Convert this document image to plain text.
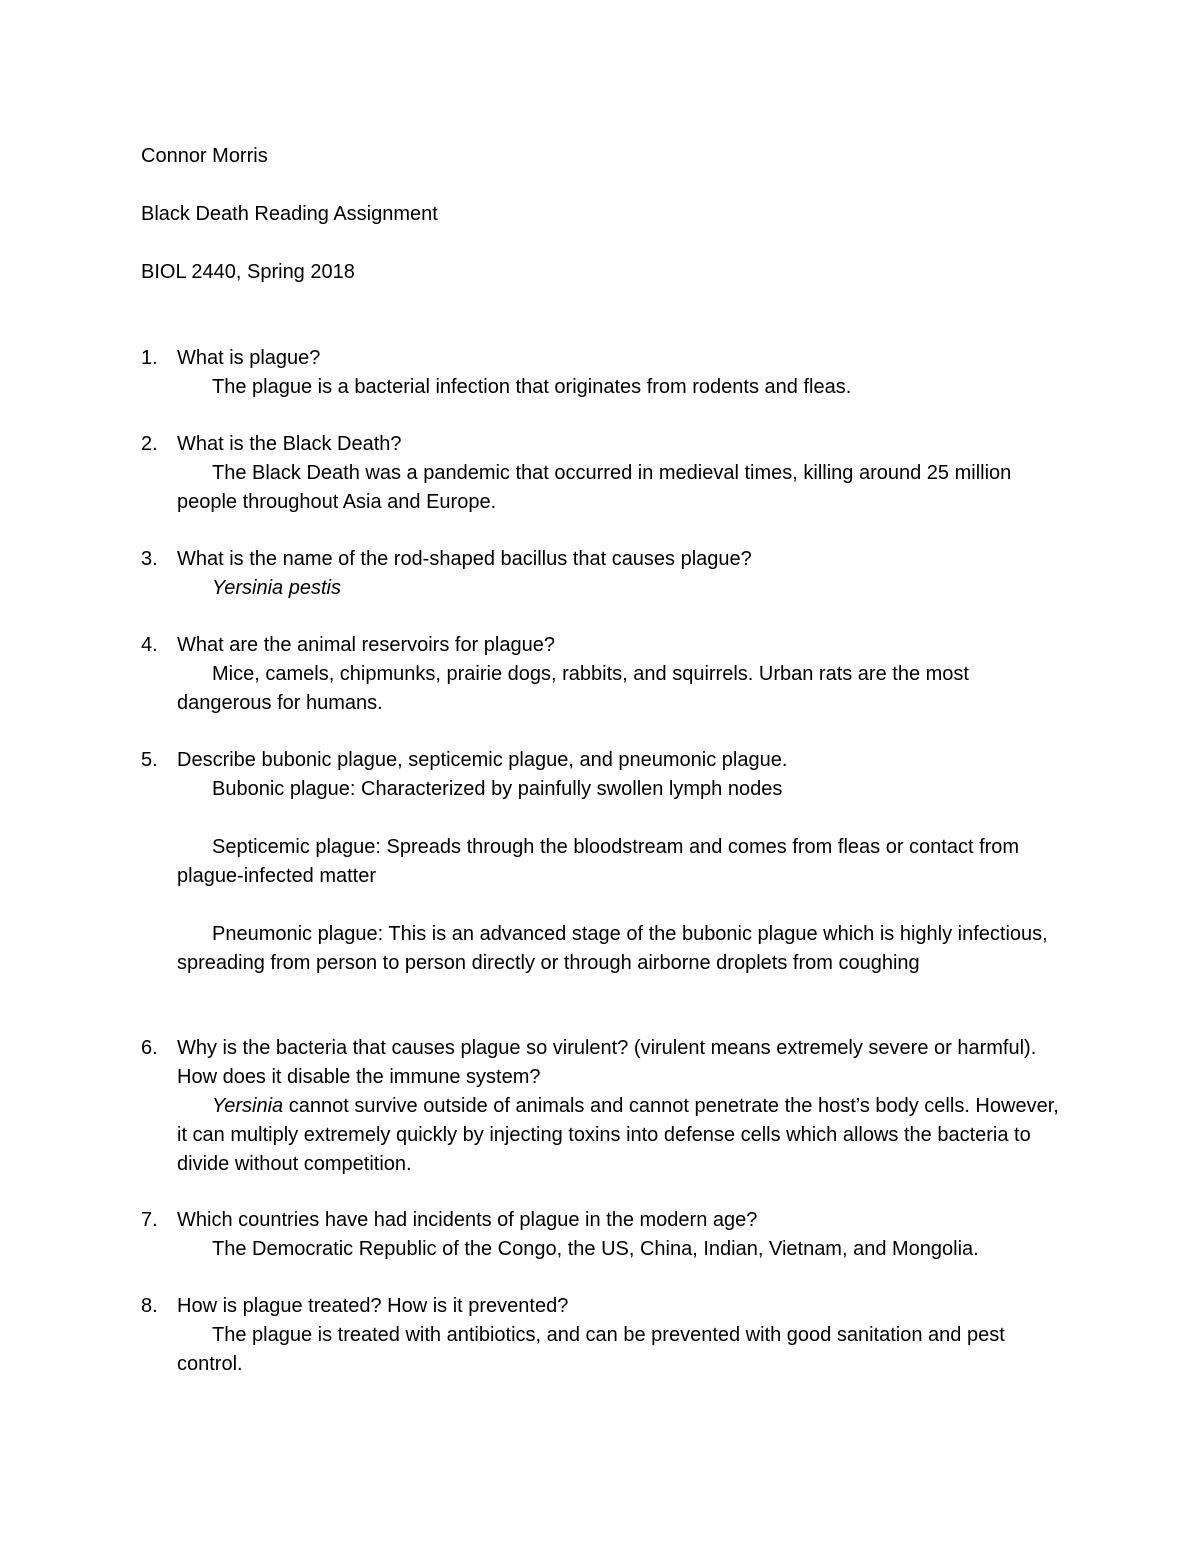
Connor Morris
Black Death Reading Assignment
BIOL 2440, Spring 2018
1. What is plague?
The plague is a bacterial infection that originates from rodents and fleas.
2. What is the Black Death?
The Black Death was a pandemic that occurred in medieval times, killing around 25 million people throughout Asia and Europe.
3. What is the name of the rod-shaped bacillus that causes plague?
Yersinia pestis
4. What are the animal reservoirs for plague?
Mice, camels, chipmunks, prairie dogs, rabbits, and squirrels. Urban rats are the most dangerous for humans.
5. Describe bubonic plague, septicemic plague, and pneumonic plague.
Bubonic plague: Characterized by painfully swollen lymph nodes
Septicemic plague: Spreads through the bloodstream and comes from fleas or contact from plague-infected matter
Pneumonic plague: This is an advanced stage of the bubonic plague which is highly infectious, spreading from person to person directly or through airborne droplets from coughing
6. Why is the bacteria that causes plague so virulent? (virulent means extremely severe or harmful). How does it disable the immune system?
Yersinia cannot survive outside of animals and cannot penetrate the host’s body cells. However, it can multiply extremely quickly by injecting toxins into defense cells which allows the bacteria to divide without competition.
7. Which countries have had incidents of plague in the modern age?
The Democratic Republic of the Congo, the US, China, Indian, Vietnam, and Mongolia.
8. How is plague treated? How is it prevented?
The plague is treated with antibiotics, and can be prevented with good sanitation and pest control.
